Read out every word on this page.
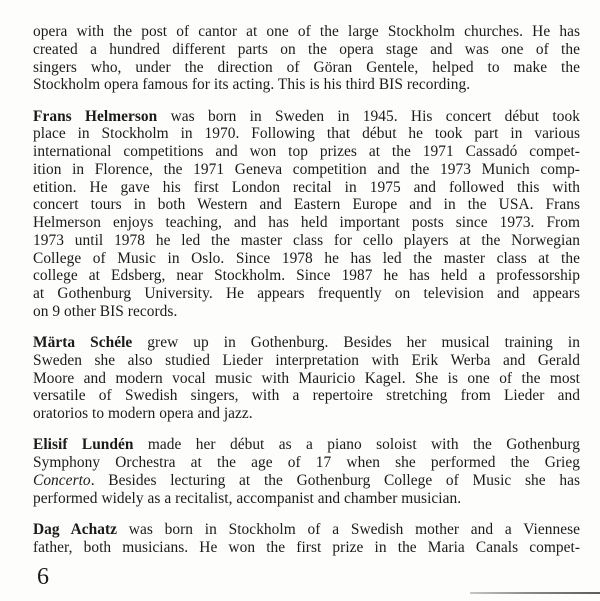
opera with the post of cantor at one of the large Stockholm churches. He has
created a hundred different parts on the opera stage and was one of the
singers who, under the direction of Göran Gentele, helped to make the
Stockholm opera famous for its acting. This is his third BIS recording.

Frans Helmerson was born in Sweden in 1945. His concert début took
place in Stockholm in 1970. Following that début he took part in various
international competitions and won top prizes at the 1971 Cassadó compet-
ition in Florence, the 1971 Geneva competition and the 1973 Munich comp-
etition. He gave his first London recital in 1975 and followed this with
concert tours in both Western and Eastern Europe and in the USA. Frans
Helmerson enjoys teaching, and has held important posts since 1973. From
1973 until 1978 he led the master class for cello players at the Norwegian
College of Music in Oslo. Since 1978 he has led the master class at the
college at Edsberg, near Stockholm. Since 1987 he has held a professorship
at Gothenburg University. He appears frequently on television and appears
on 9 other BIS records.

Märta Schéle grew up in Gothenburg. Besides her musical training in
Sweden she also studied Lieder interpretation with Erik Werba and Gerald
Moore and modern vocal music with Mauricio Kagel. She is one of the most
versatile of Swedish singers, with a repertoire stretching from Lieder and
oratorios to modern opera and jazz.

Elisif Lundén made her début as a piano soloist with the Gothenburg
Symphony Orchestra at the age of 17 when she performed the Grieg
Concerto. Besides lecturing at the Gothenburg College of Music she has
performed widely as a recitalist, accompanist and chamber musician.

Dag Achatz was born in Stockholm of a Swedish mother and a Viennese
father, both musicians. He won the first prize in the Maria Canals compet-

6
